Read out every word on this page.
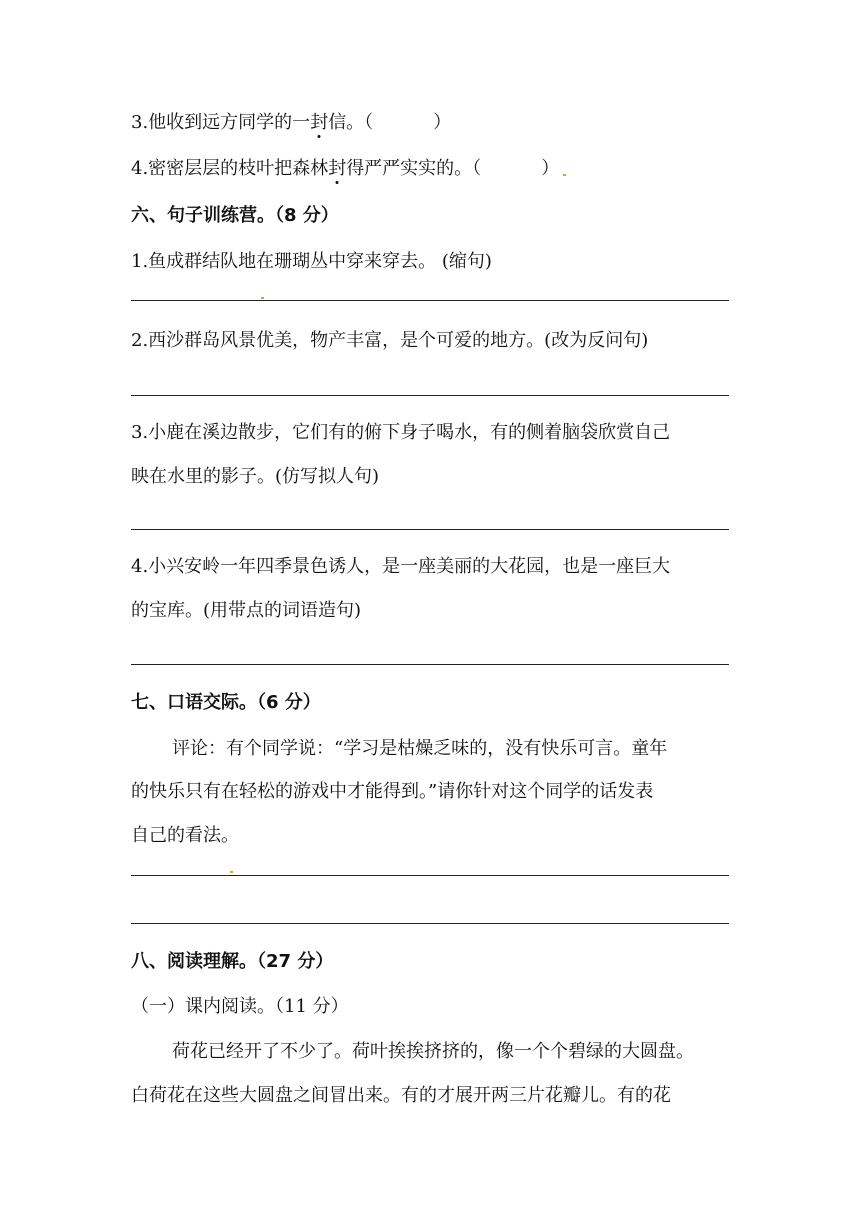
3.他收到远方同学的一封信。（	）

4.密密层层的枝叶把森林封得严严实实的。（	）

六、句子训练营。（8 分）

1.鱼成群结队地在珊瑚丛中穿来穿去。 (缩句)

2.西沙群岛风景优美，物产丰富，是个可爱的地方。(改为反问句)

3.小鹿在溪边散步，它们有的俯下身子喝水，有的侧着脑袋欣赏自己

映在水里的影子。(仿写拟人句)

4.小兴安岭一年四季景色诱人，是一座美丽的大花园，也是一座巨大

的宝库。(用带点的词语造句)

七、口语交际。（6 分）

评论：有个同学说：“学习是枯燥乏味的，没有快乐可言。童年

的快乐只有在轻松的游戏中才能得到。”请你针对这个同学的话发表

自己的看法。

八、阅读理解。（27 分）

（一）课内阅读。（11 分）

荷花已经开了不少了。荷叶挨挨挤挤的，像一个个碧绿的大圆盘。

白荷花在这些大圆盘之间冒出来。有的才展开两三片花瓣儿。有的花
